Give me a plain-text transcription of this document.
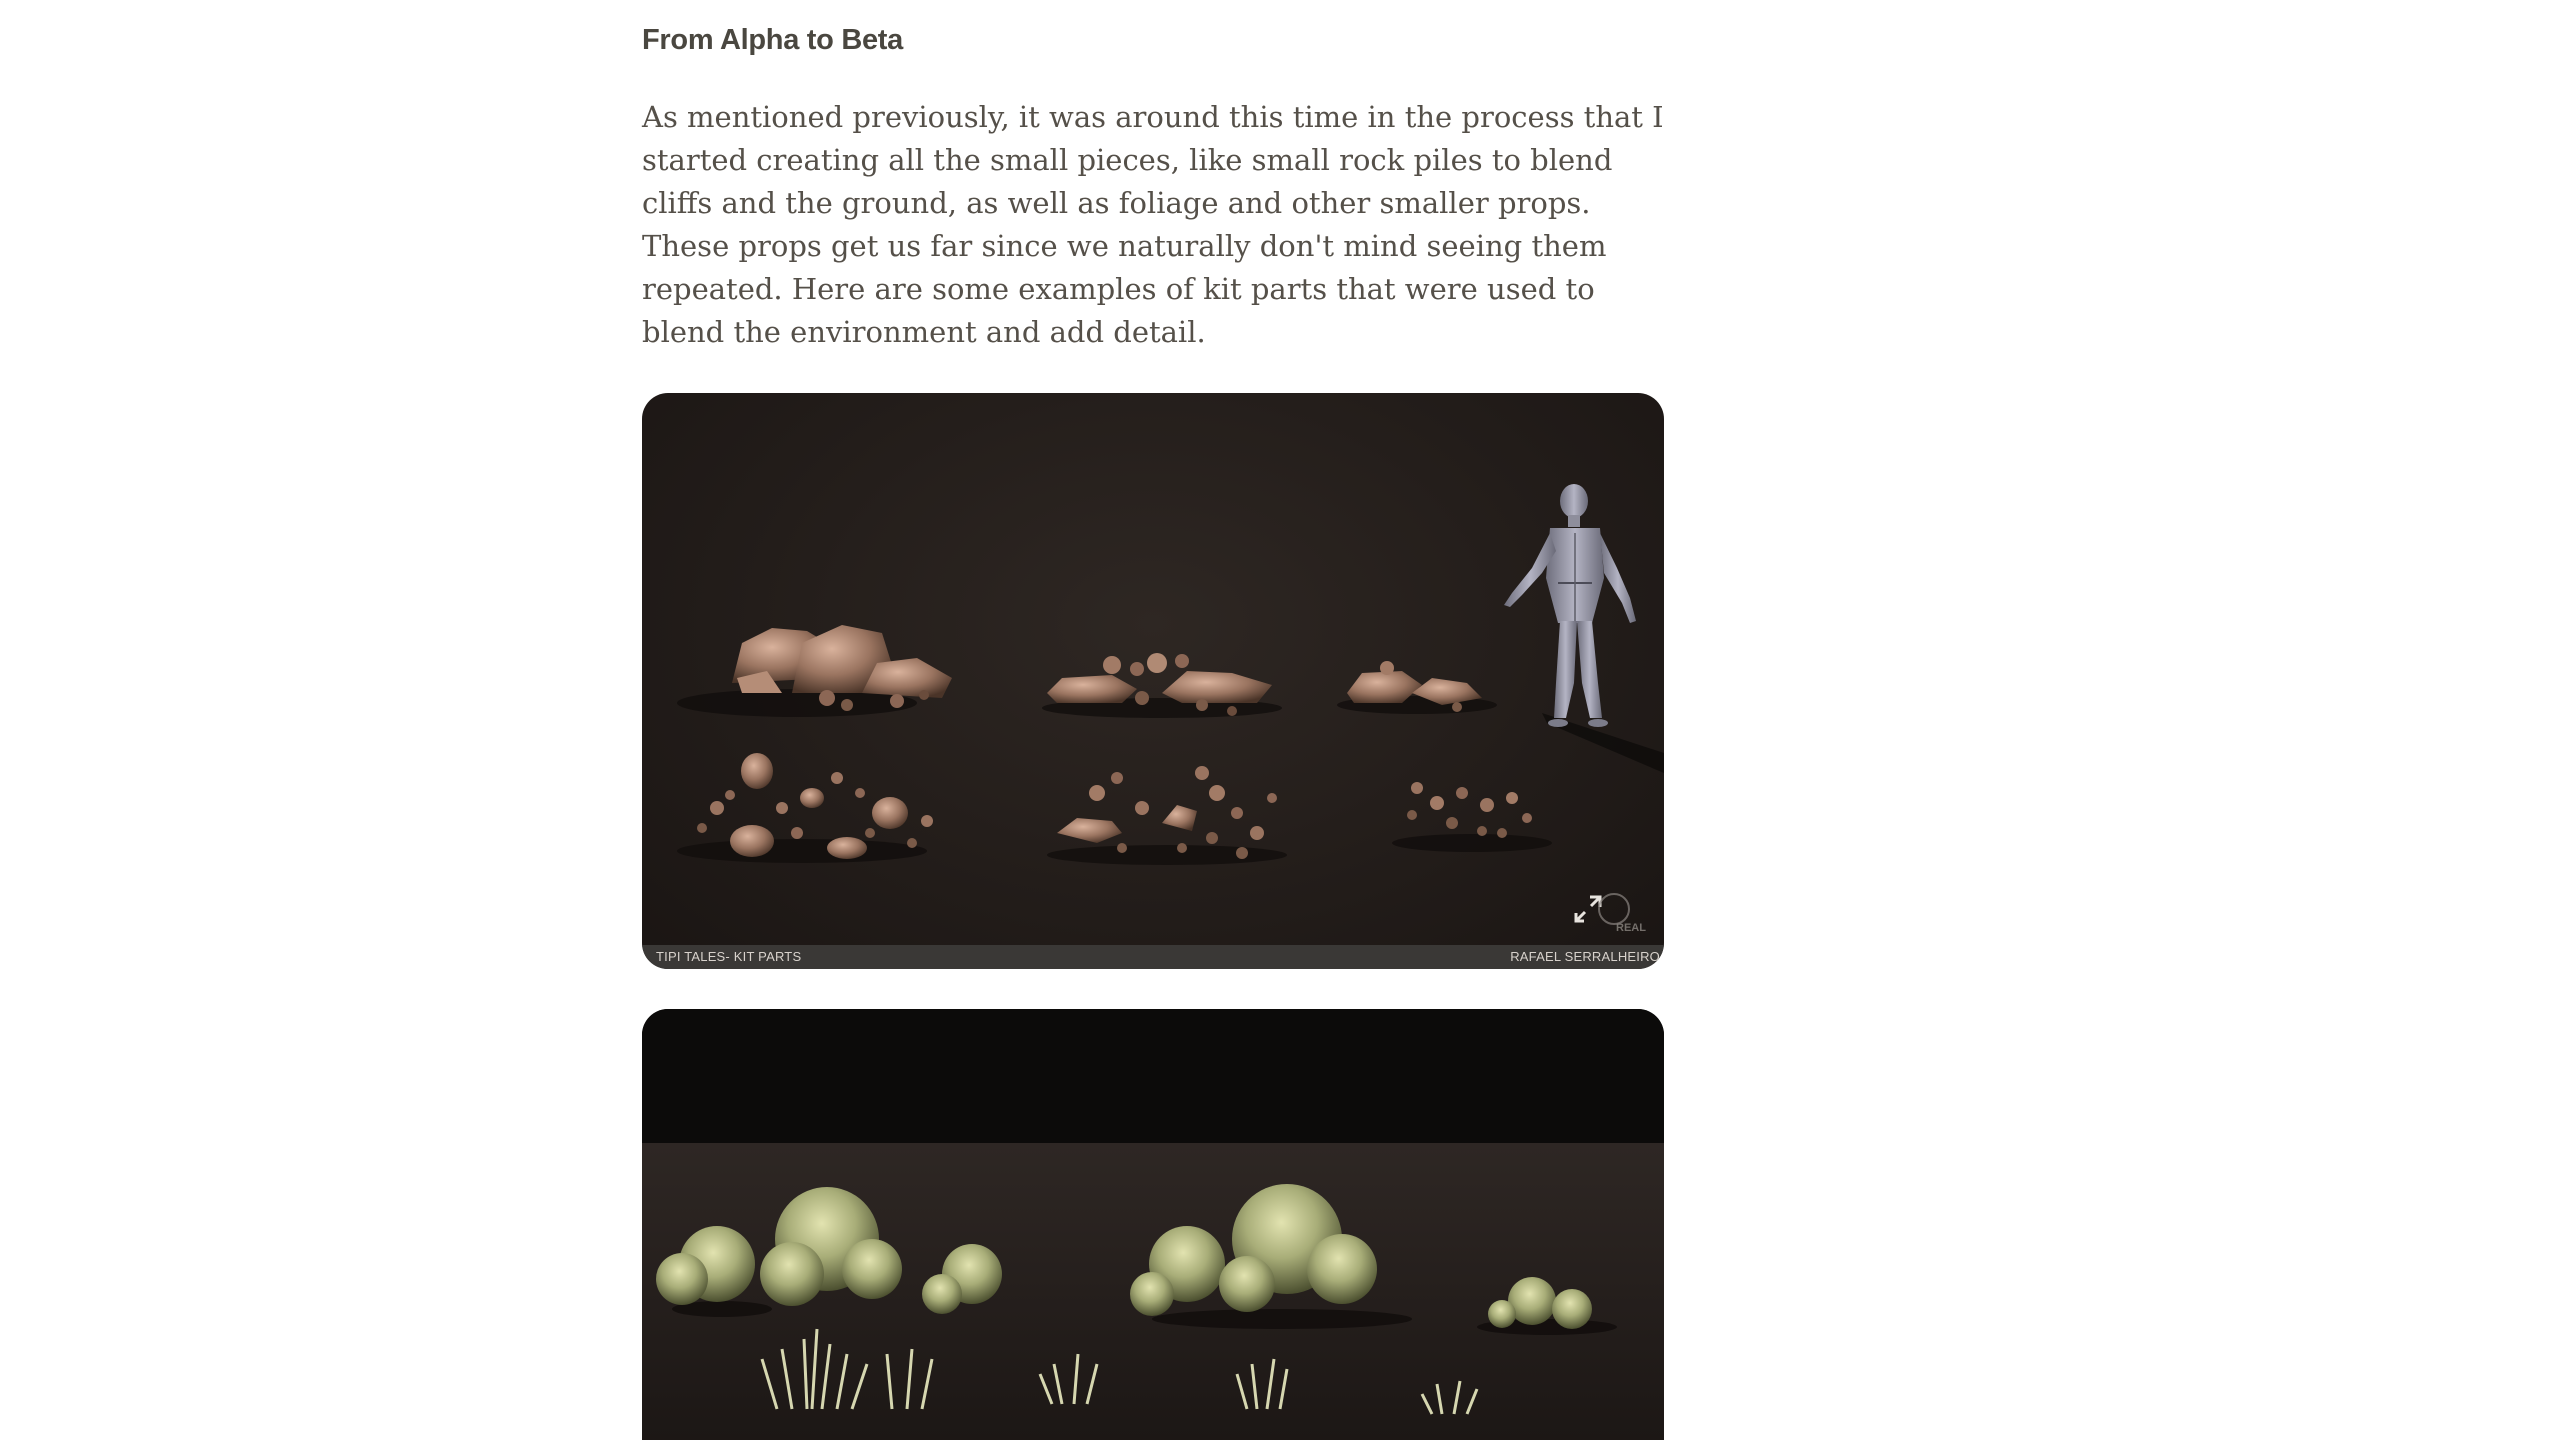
From Alpha to Beta

As mentioned previously, it was around this time in the process that I started creating all the small pieces, like small rock piles to blend cliffs and the ground, as well as foliage and other smaller props. These props get us far since we naturally don't mind seeing them repeated. Here are some examples of kit parts that were used to blend the environment and add detail.

REAL
TIPI TALES- KIT PARTS	RAFAEL SERRALHEIRO
